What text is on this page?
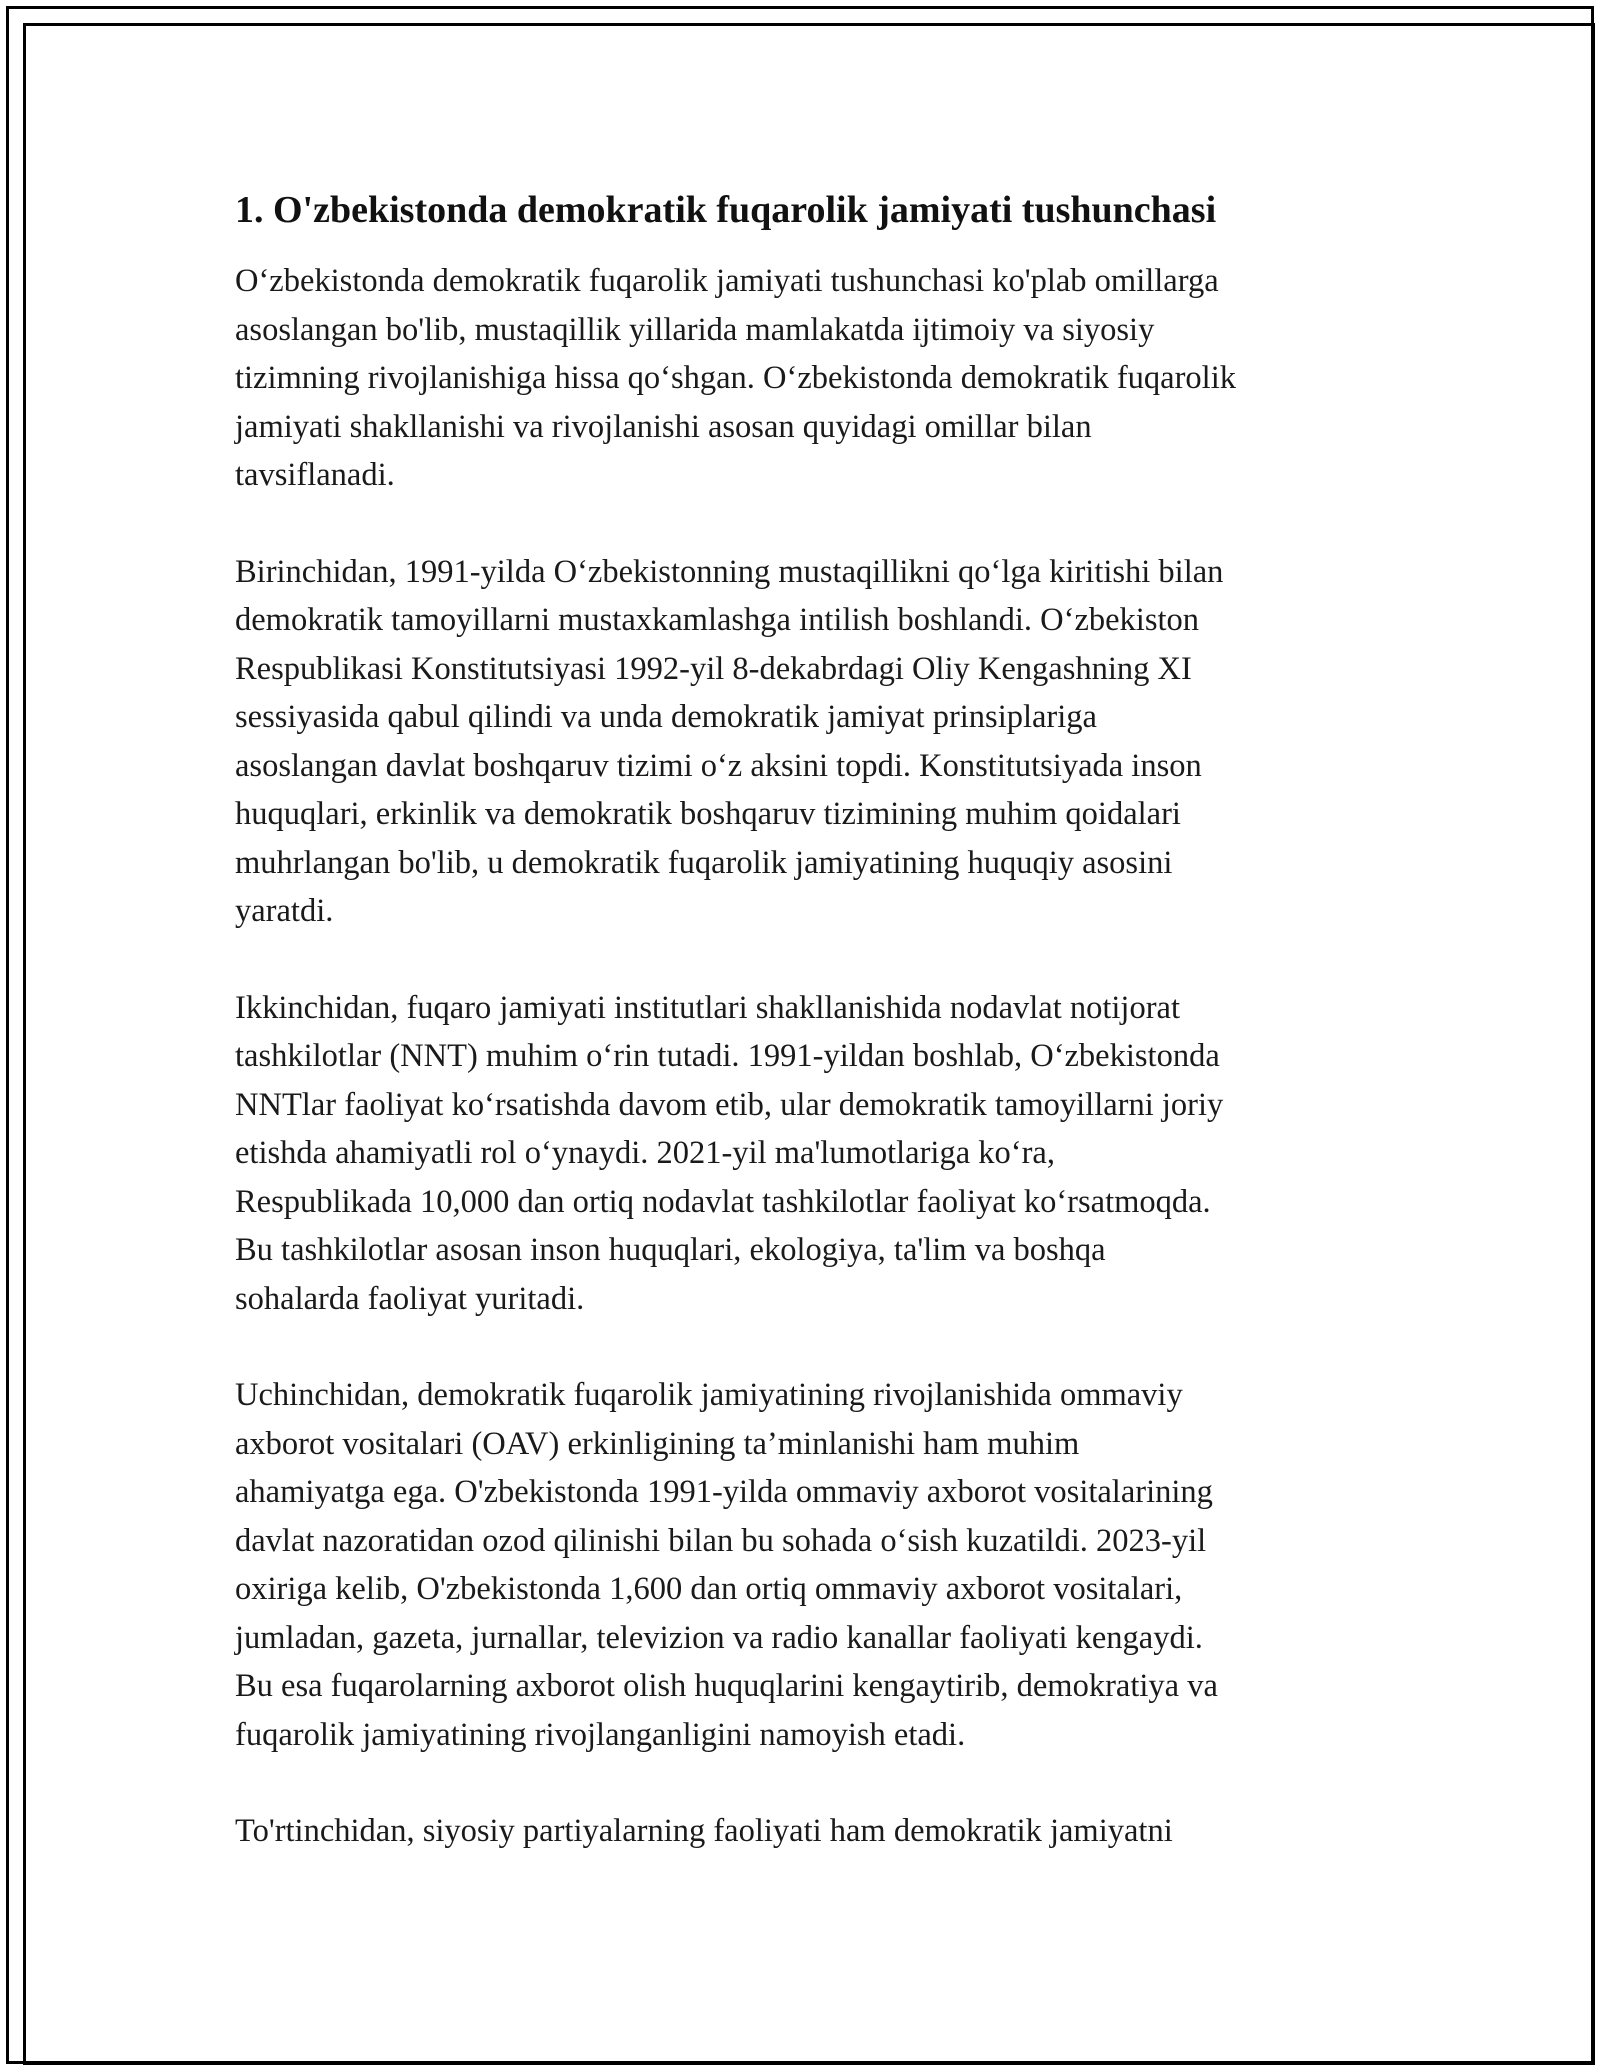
1. O'zbekistonda demokratik fuqarolik jamiyati tushunchasi

O‘zbekistonda demokratik fuqarolik jamiyati tushunchasi ko'plab omillarga
asoslangan bo'lib, mustaqillik yillarida mamlakatda ijtimoiy va siyosiy
tizimning rivojlanishiga hissa qo‘shgan. O‘zbekistonda demokratik fuqarolik
jamiyati shakllanishi va rivojlanishi asosan quyidagi omillar bilan
tavsiflanadi.

Birinchidan, 1991-yilda O‘zbekistonning mustaqillikni qo‘lga kiritishi bilan
demokratik tamoyillarni mustaxkamlashga intilish boshlandi. O‘zbekiston
Respublikasi Konstitutsiyasi 1992-yil 8-dekabrdagi Oliy Kengashning XI
sessiyasida qabul qilindi va unda demokratik jamiyat prinsiplariga
asoslangan davlat boshqaruv tizimi o‘z aksini topdi. Konstitutsiyada inson
huquqlari, erkinlik va demokratik boshqaruv tizimining muhim qoidalari
muhrlangan bo'lib, u demokratik fuqarolik jamiyatining huquqiy asosini
yaratdi.

Ikkinchidan, fuqaro jamiyati institutlari shakllanishida nodavlat notijorat
tashkilotlar (NNT) muhim o‘rin tutadi. 1991-yildan boshlab, O‘zbekistonda
NNTlar faoliyat ko‘rsatishda davom etib, ular demokratik tamoyillarni joriy
etishda ahamiyatli rol o‘ynaydi. 2021-yil ma'lumotlariga ko‘ra,
Respublikada 10,000 dan ortiq nodavlat tashkilotlar faoliyat ko‘rsatmoqda.
Bu tashkilotlar asosan inson huquqlari, ekologiya, ta'lim va boshqa
sohalarda faoliyat yuritadi.

Uchinchidan, demokratik fuqarolik jamiyatining rivojlanishida ommaviy
axborot vositalari (OAV) erkinligining ta’minlanishi ham muhim
ahamiyatga ega. O'zbekistonda 1991-yilda ommaviy axborot vositalarining
davlat nazoratidan ozod qilinishi bilan bu sohada o‘sish kuzatildi. 2023-yil
oxiriga kelib, O'zbekistonda 1,600 dan ortiq ommaviy axborot vositalari,
jumladan, gazeta, jurnallar, televizion va radio kanallar faoliyati kengaydi.
Bu esa fuqarolarning axborot olish huquqlarini kengaytirib, demokratiya va
fuqarolik jamiyatining rivojlanganligini namoyish etadi.

To'rtinchidan, siyosiy partiyalarning faoliyati ham demokratik jamiyatni
